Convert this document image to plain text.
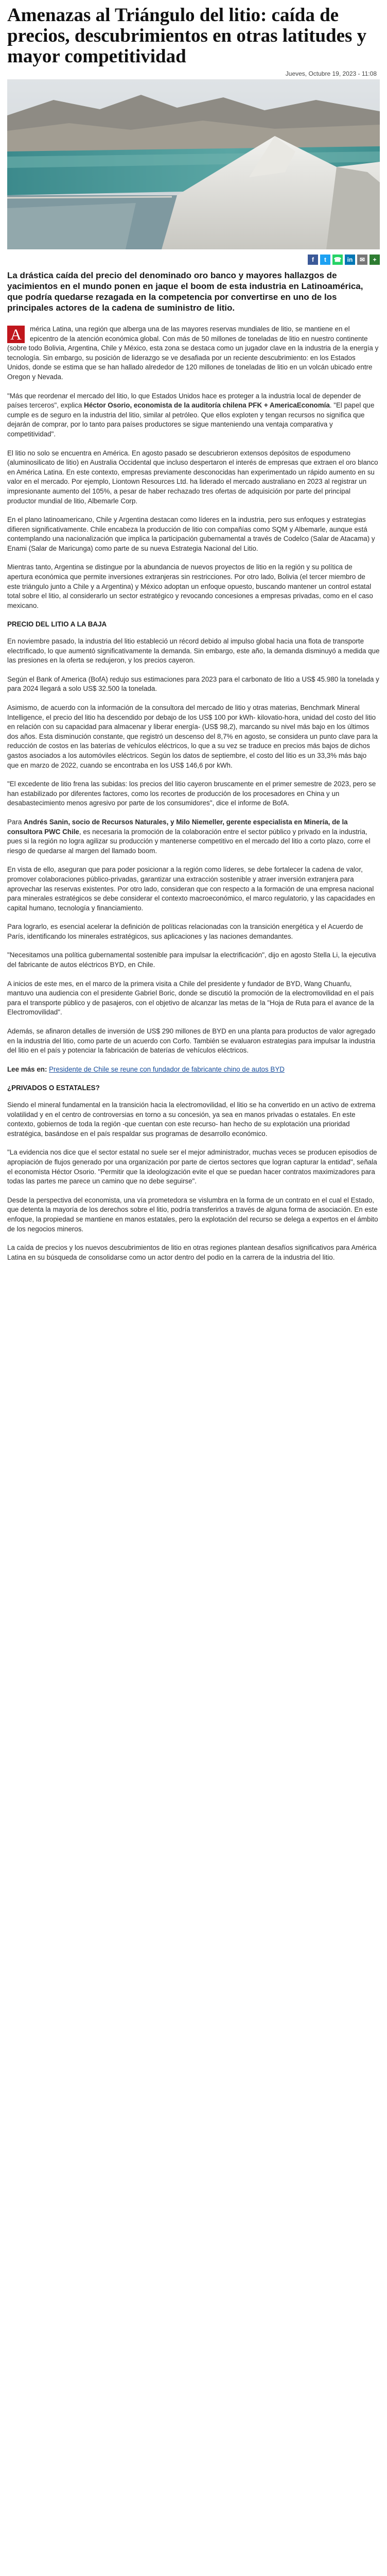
Amenazas al Triángulo del litio: caída de precios, descubrimientos en otras latitudes y mayor competitividad
Jueves, Octubre 19, 2023 - 11:08
f	t	☎ in	✉	+

La drástica caída del precio del denominado oro banco y mayores hallazgos de yacimientos en el mundo ponen en jaque el boom de esta industria en Latinoamérica, que podría quedarse rezagada en la competencia por convertirse en uno de los principales actores de la cadena de suministro de litio.

A	mérica Latina, una región que alberga una de las mayores reservas mundiales de litio, se mantiene en el epicentro de la atención económica global. Con más de 50 millones de toneladas de litio en nuestro continente (sobre todo Bolivia, Argentina, Chile y México, esta zona se destaca como un jugador clave en la industria de la energía y tecnología. Sin embargo, su posición de liderazgo se ve desafiada por un reciente descubrimiento: en los Estados Unidos, donde se estima que se han hallado alrededor de 120 millones de toneladas de litio en un volcán ubicado entre Oregon y Nevada.

"Más que reordenar el mercado del litio, lo que Estados Unidos hace es proteger a la industria local de depender de países terceros", explica Héctor Osorio, economista de la auditoría chilena PFK + AmericaEconomía. "El papel que cumple es de seguro en la industria del litio, similar al petróleo. Que ellos exploten y tengan recursos no significa que dejarán de comprar, por lo tanto para países productores se sigue manteniendo una ventaja comparativa y competitividad".

El litio no solo se encuentra en América. En agosto pasado se descubrieron extensos depósitos de espodumeno (aluminosilicato de litio) en Australia Occidental que incluso despertaron el interés de empresas que extraen el oro blanco en América Latina. En este contexto, empresas previamente desconocidas han experimentado un rápido aumento en su valor en el mercado. Por ejemplo, Liontown Resources Ltd. ha liderado el mercado australiano en 2023 al registrar un impresionante aumento del 105%, a pesar de haber rechazado tres ofertas de adquisición por parte del principal productor mundial de litio, Albemarle Corp.

En el plano latinoamericano, Chile y Argentina destacan como líderes en la industria, pero sus enfoques y estrategias difieren significativamente. Chile encabeza la producción de litio con compañías como SQM y Albemarle, aunque está contemplando una nacionalización que implica la participación gubernamental a través de Codelco (Salar de Atacama) y Enami (Salar de Maricunga) como parte de su nueva Estrategia Nacional del Litio.

Mientras tanto, Argentina se distingue por la abundancia de nuevos proyectos de litio en la región y su política de apertura económica que permite inversiones extranjeras sin restricciones. Por otro lado, Bolivia (el tercer miembro de este triángulo junto a Chile y a Argentina) y México adoptan un enfoque opuesto, buscando mantener un control estatal total sobre el litio, al considerarlo un sector estratégico y revocando concesiones a empresas privadas, como en el caso mexicano.

PRECIO DEL LITIO A LA BAJA

En noviembre pasado, la industria del litio estableció un récord debido al impulso global hacia una flota de transporte electrificado, lo que aumentó significativamente la demanda. Sin embargo, este año, la demanda disminuyó a medida que las presiones en la oferta se redujeron, y los precios cayeron.

Según el Bank of America (BofA) redujo sus estimaciones para 2023 para el carbonato de litio a US$ 45.980 la tonelada y para 2024 llegará a solo US$ 32.500 la tonelada.

Asimismo, de acuerdo con la información de la consultora del mercado de litio y otras materias, Benchmark Mineral Intelligence, el precio del litio ha descendido por debajo de los US$ 100 por kWh- kilovatio-hora, unidad del costo del litio en relación con su capacidad para almacenar y liberar energía- (US$ 98,2), marcando su nivel más bajo en los últimos dos años. Esta disminución constante, que registró un descenso del 8,7% en agosto, se considera un punto clave para la reducción de costos en las baterías de vehículos eléctricos, lo que a su vez se traduce en precios más bajos de dichos gastos asociados a los automóviles eléctricos. Según los datos de septiembre, el costo del litio es un 33,3% más bajo que en marzo de 2022, cuando se encontraba en los US$ 146,6 por kWh.

"El excedente de litio frena las subidas: los precios del litio cayeron bruscamente en el primer semestre de 2023, pero se han estabilizado por diferentes factores, como los recortes de producción de los procesadores en China y un desabastecimiento menos agresivo por parte de los consumidores", dice el informe de BofA.

Para Andrés Sanin, socio de Recursos Naturales, y Milo Niemeller, gerente especialista en Minería, de la consultora PWC Chile, es necesaria la promoción de la colaboración entre el sector público y privado en la industria, pues si la región no logra agilizar su producción y mantenerse competitivo en el mercado del litio a corto plazo, corre el riesgo de quedarse al margen del llamado boom.

En vista de ello, aseguran que para poder posicionar a la región como líderes, se debe fortalecer la cadena de valor, promover colaboraciones público-privadas, garantizar una extracción sostenible y atraer inversión extranjera para aprovechar las reservas existentes. Por otro lado, consideran que con respecto a la formación de una empresa nacional para minerales estratégicos se debe considerar el contexto macroeconómico, el marco regulatorio, y las capacidades en capital humano, tecnología y financiamiento.

Para lograrlo, es esencial acelerar la definición de políticas relacionadas con la transición energética y el Acuerdo de París, identificando los minerales estratégicos, sus aplicaciones y las naciones demandantes.

"Necesitamos una política gubernamental sostenible para impulsar la electrificación", dijo en agosto Stella Li, la ejecutiva del fabricante de autos eléctricos BYD, en Chile.

A inicios de este mes, en el marco de la primera visita a Chile del presidente y fundador de BYD, Wang Chuanfu, mantuvo una audiencia con el presidente Gabriel Boric, donde se discutió la promoción de la electromovilidad en el país para el transporte público y de pasajeros, con el objetivo de alcanzar las metas de la "Hoja de Ruta para el avance de la Electromovilidad".

Además, se afinaron detalles de inversión de US$ 290 millones de BYD en una planta para productos de valor agregado en la industria del litio, como parte de un acuerdo con Corfo. También se evaluaron estrategias para impulsar la industria del litio en el país y potenciar la fabricación de baterías de vehículos eléctricos.

Lee más en: Presidente de Chile se reune con fundador de fabricante chino de autos BYD

¿PRIVADOS O ESTATALES?

Siendo el mineral fundamental en la transición hacia la electromovilidad, el litio se ha convertido en un activo de extrema volatilidad y en el centro de controversias en torno a su concesión, ya sea en manos privadas o estatales. En este contexto, gobiernos de toda la región -que cuentan con este recurso- han hecho de su explotación una prioridad estratégica, basándose en el país respaldar sus programas de desarrollo económico.

"La evidencia nos dice que el sector estatal no suele ser el mejor administrador, muchas veces se producen episodios de apropiación de flujos generado por una organización por parte de ciertos sectores que logran capturar la entidad", señala el economista Héctor Osorio. "Permitir que la ideologización evite el que se puedan hacer contratos maximizadores para todas las partes me parece un camino que no debe seguirse".

Desde la perspectiva del economista, una vía prometedora se vislumbra en la forma de un contrato en el cual el Estado, que detenta la mayoría de los derechos sobre el litio, podría transferirlos a través de alguna forma de asociación. En este enfoque, la propiedad se mantiene en manos estatales, pero la explotación del recurso se delega a expertos en el ámbito de los negocios mineros.

La caída de precios y los nuevos descubrimientos de litio en otras regiones plantean desafíos significativos para América Latina en su búsqueda de consolidarse como un actor dentro del podio en la carrera de la industria del litio.
